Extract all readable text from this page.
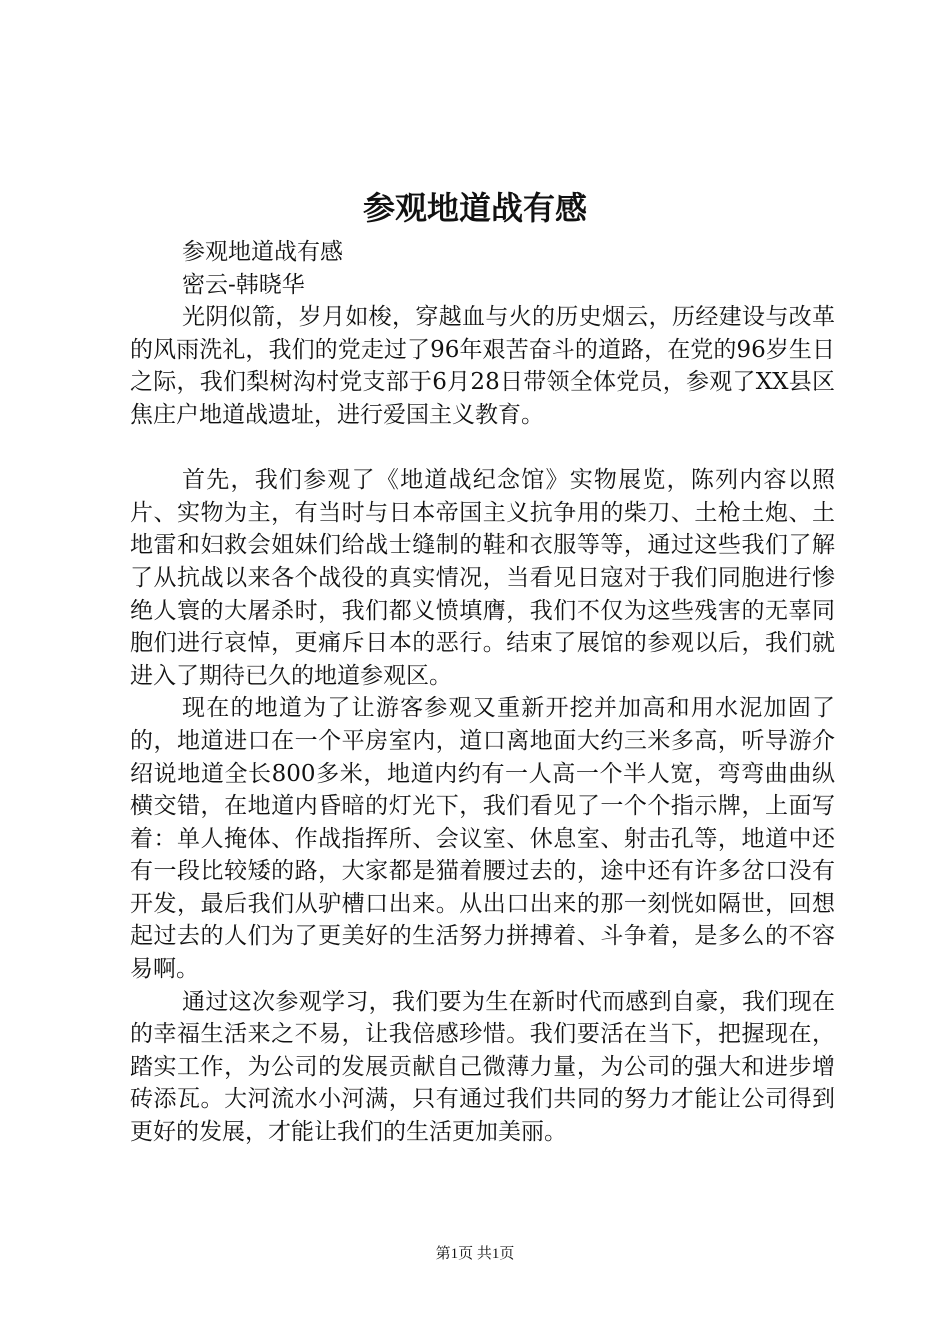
参观地道战有感

参观地道战有感

密云-韩晓华

光阴似箭，岁月如梭，穿越血与火的历史烟云，历经建设与改革的风雨洗礼，我们的党走过了96年艰苦奋斗的道路，在党的96岁生日之际，我们梨树沟村党支部于6月28日带领全体党员，参观了XX县区焦庄户地道战遗址，进行爱国主义教育。

首先，我们参观了《地道战纪念馆》实物展览，陈列内容以照片、实物为主，有当时与日本帝国主义抗争用的柴刀、土枪土炮、土地雷和妇救会姐妹们给战士缝制的鞋和衣服等等，通过这些我们了解了从抗战以来各个战役的真实情况，当看见日寇对于我们同胞进行惨绝人寰的大屠杀时，我们都义愤填膺，我们不仅为这些残害的无辜同胞们进行哀悼，更痛斥日本的恶行。结束了展馆的参观以后，我们就进入了期待已久的地道参观区。

现在的地道为了让游客参观又重新开挖并加高和用水泥加固了的，地道进口在一个平房室内，道口离地面大约三米多高，听导游介绍说地道全长800多米，地道内约有一人高一个半人宽，弯弯曲曲纵横交错，在地道内昏暗的灯光下，我们看见了一个个指示牌，上面写着：单人掩体、作战指挥所、会议室、休息室、射击孔等，地道中还有一段比较矮的路，大家都是猫着腰过去的，途中还有许多岔口没有开发，最后我们从驴槽口出来。从出口出来的那一刻恍如隔世，回想起过去的人们为了更美好的生活努力拼搏着、斗争着，是多么的不容易啊。

通过这次参观学习，我们要为生在新时代而感到自豪，我们现在的幸福生活来之不易，让我倍感珍惜。我们要活在当下，把握现在，踏实工作，为公司的发展贡献自己微薄力量，为公司的强大和进步增砖添瓦。大河流水小河满，只有通过我们共同的努力才能让公司得到更好的发展，才能让我们的生活更加美丽。

第1页 共1页
